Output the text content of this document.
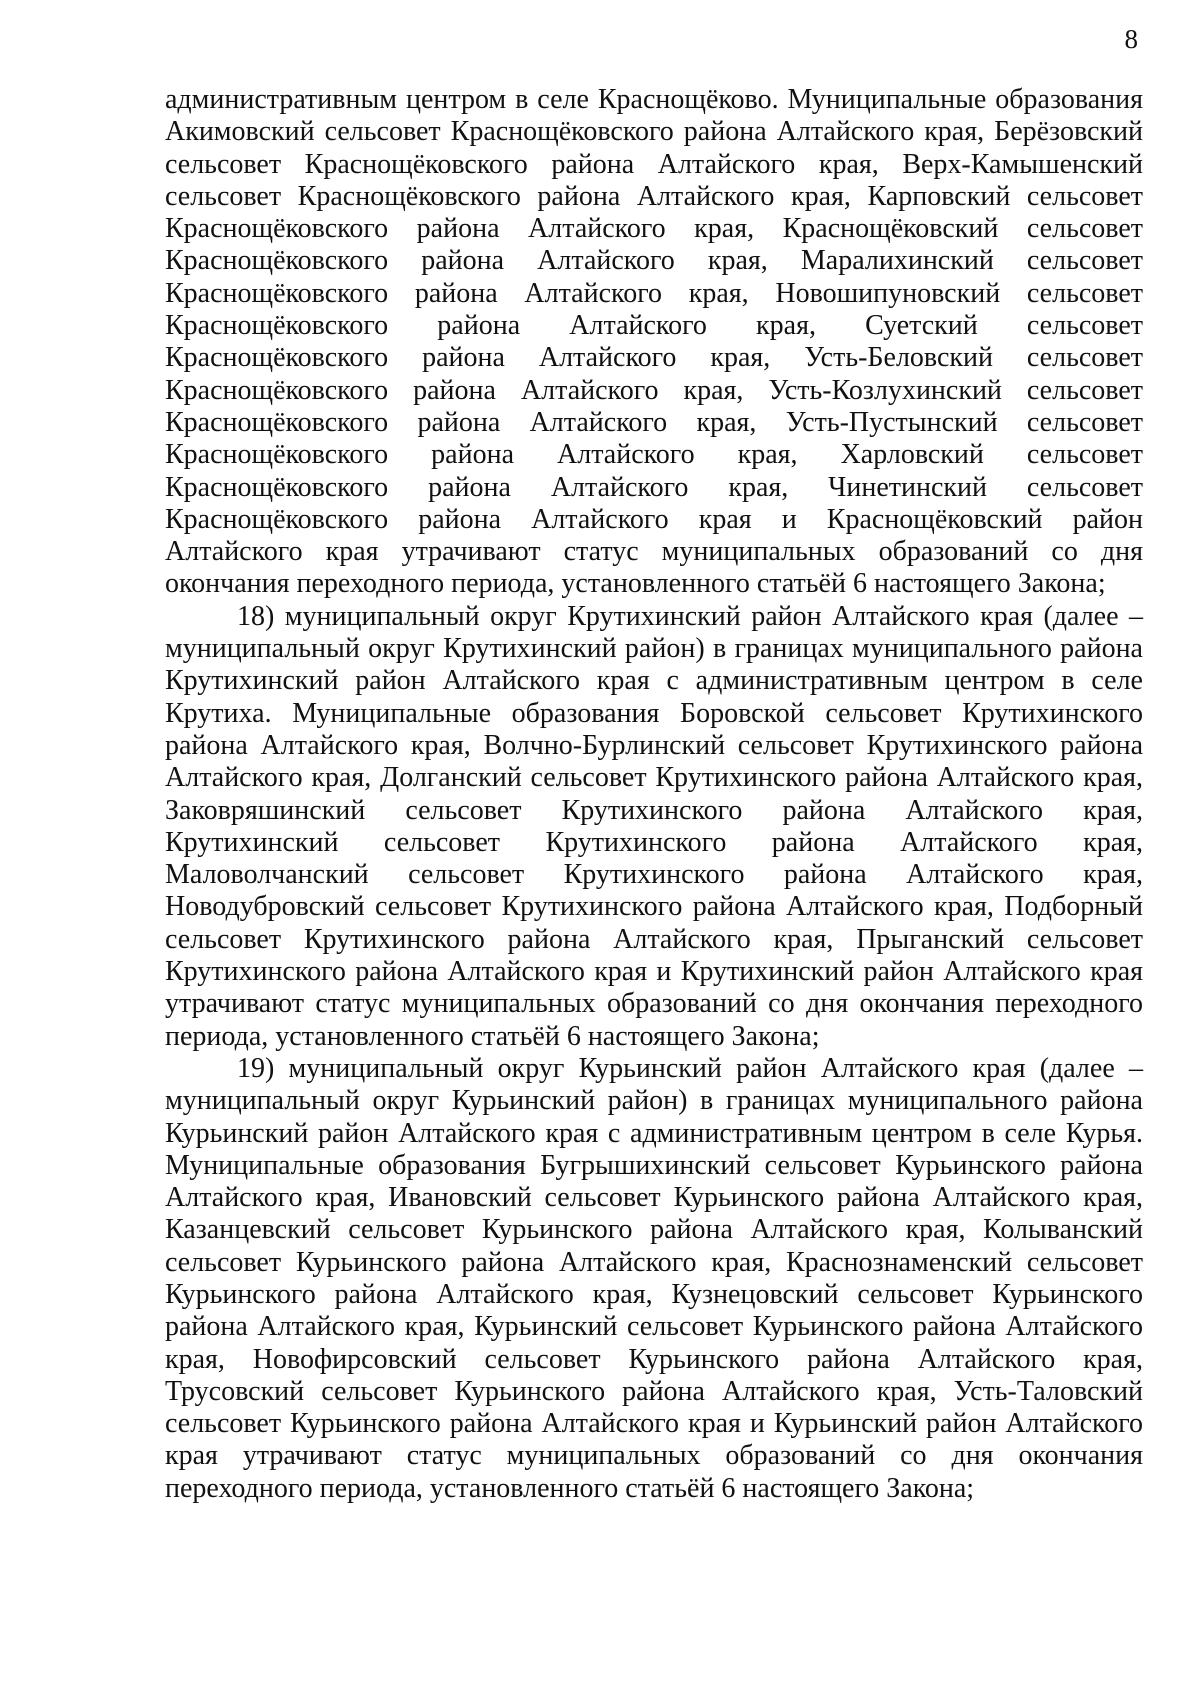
8

административным центром в селе Краснощёково. Муниципальные образования Акимовский сельсовет Краснощёковского района Алтайского края, Берёзовский сельсовет Краснощёковского района Алтайского края, Верх-Камышенский сельсовет Краснощёковского района Алтайского края, Карповский сельсовет Краснощёковского района Алтайского края, Краснощёковский сельсовет Краснощёковского района Алтайского края, Маралихинский сельсовет Краснощёковского района Алтайского края, Новошипуновский сельсовет Краснощёковского района Алтайского края, Суетский сельсовет Краснощёковского района Алтайского края, Усть-Беловский сельсовет Краснощёковского района Алтайского края, Усть-Козлухинский сельсовет Краснощёковского района Алтайского края, Усть-Пустынский сельсовет Краснощёковского района Алтайского края, Харловский сельсовет Краснощёковского района Алтайского края, Чинетинский сельсовет Краснощёковского района Алтайского края и Краснощёковский район Алтайского края утрачивают статус муниципальных образований со дня окончания переходного периода, установленного статьёй 6 настоящего Закона;

18) муниципальный округ Крутихинский район Алтайского края (далее – муниципальный округ Крутихинский район) в границах муниципального района Крутихинский район Алтайского края с административным центром в селе Крутиха. Муниципальные образования Боровской сельсовет Крутихинского района Алтайского края, Волчно-Бурлинский сельсовет Крутихинского района Алтайского края, Долганский сельсовет Крутихинского района Алтайского края, Заковряшинский сельсовет Крутихинского района Алтайского края, Крутихинский сельсовет Крутихинского района Алтайского края, Маловолчанский сельсовет Крутихинского района Алтайского края, Новодубровский сельсовет Крутихинского района Алтайского края, Подборный сельсовет Крутихинского района Алтайского края, Прыганский сельсовет Крутихинского района Алтайского края и Крутихинский район Алтайского края утрачивают статус муниципальных образований со дня окончания переходного периода, установленного статьёй 6 настоящего Закона;

19) муниципальный округ Курьинский район Алтайского края (далее – муниципальный округ Курьинский район) в границах муниципального района Курьинский район Алтайского края с административным центром в селе Курья. Муниципальные образования Бугрышихинский сельсовет Курьинского района Алтайского края, Ивановский сельсовет Курьинского района Алтайского края, Казанцевский сельсовет Курьинского района Алтайского края, Колыванский сельсовет Курьинского района Алтайского края, Краснознаменский сельсовет Курьинского района Алтайского края, Кузнецовский сельсовет Курьинского района Алтайского края, Курьинский сельсовет Курьинского района Алтайского края, Новофирсовский сельсовет Курьинского района Алтайского края, Трусовский сельсовет Курьинского района Алтайского края, Усть-Таловский сельсовет Курьинского района Алтайского края и Курьинский район Алтайского края утрачивают статус муниципальных образований со дня окончания переходного периода, установленного статьёй 6 настоящего Закона;
